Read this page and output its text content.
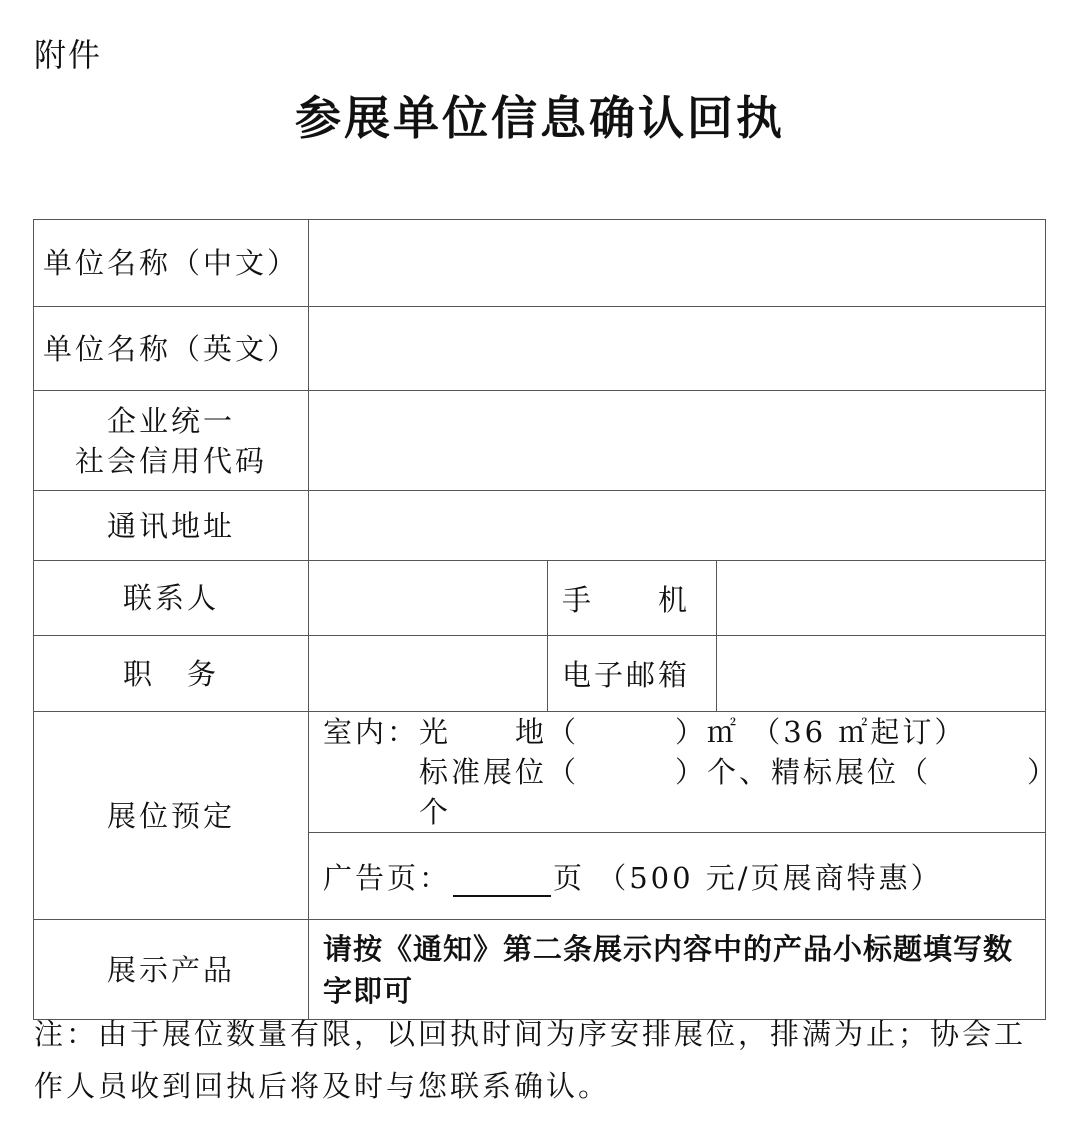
附件
参展单位信息确认回执
单位名称（中文）			
单位名称（英文）			

企业统一
社会信用代码			

通讯地址			
联系人		手　　机	
职　务		电子邮箱	
展位预定	室内：光　　地（　　　）㎡ （36 ㎡起订）
标准展位（　　　）个、精标展位（　　　）个		

	广告页： 页 （500 元/页展商特惠）		
展示产品	请按《通知》第二条展示内容中的产品小标题填写数字即可		
注：由于展位数量有限，以回执时间为序安排展位，排满为止；协会工作人员收到回执后将及时与您联系确认。
